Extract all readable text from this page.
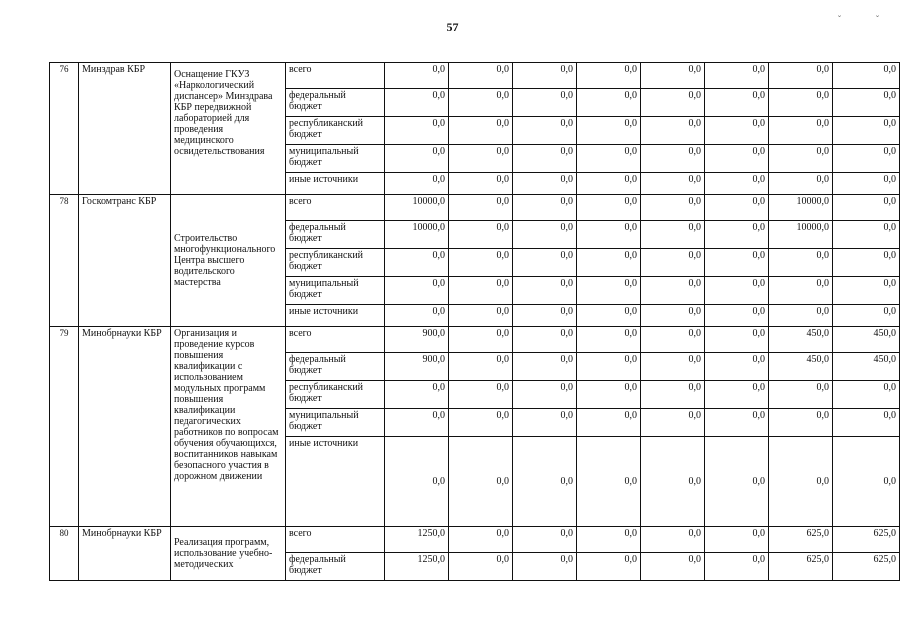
57
˘	˘
76	Минздрав КБР	Оснащение ГКУЗ «Наркологический диспансер» Минздрава КБР передвижной лабораторией для проведения медицинского освидетельствования	всего	0,0	0,0	0,0	0,0	0,0	0,0	0,0	0,0
			федеральный бюджет	0,0	0,0	0,0	0,0	0,0	0,0	0,0	0,0
			республиканский бюджет	0,0	0,0	0,0	0,0	0,0	0,0	0,0	0,0
			муниципальный бюджет	0,0	0,0	0,0	0,0	0,0	0,0	0,0	0,0
			иные источники	0,0	0,0	0,0	0,0	0,0	0,0	0,0	0,0
78	Госкомтранс КБР	Строительство многофункционального Центра высшего водительского мастерства	всего	10000,0	0,0	0,0	0,0	0,0	0,0	10000,0	0,0
			федеральный бюджет	10000,0	0,0	0,0	0,0	0,0	0,0	10000,0	0,0
			республиканский бюджет	0,0	0,0	0,0	0,0	0,0	0,0	0,0	0,0
			муниципальный бюджет	0,0	0,0	0,0	0,0	0,0	0,0	0,0	0,0
			иные источники	0,0	0,0	0,0	0,0	0,0	0,0	0,0	0,0
79	Минобрнауки КБР	Организация и проведение курсов повышения квалификации с использованием модульных программ повышения квалификации педагогических работников по вопросам обучения обучающихся, воспитанников навыкам безопасного участия в дорожном движении	всего	900,0	0,0	0,0	0,0	0,0	0,0	450,0	450,0
			федеральный бюджет	900,0	0,0	0,0	0,0	0,0	0,0	450,0	450,0
			республиканский бюджет	0,0	0,0	0,0	0,0	0,0	0,0	0,0	0,0
			муниципальный бюджет	0,0	0,0	0,0	0,0	0,0	0,0	0,0	0,0
			иные источники	0,0	0,0	0,0	0,0	0,0	0,0	0,0	0,0
80	Минобрнауки КБР	Реализация программ, использование учебно-методических	всего	1250,0	0,0	0,0	0,0	0,0	0,0	625,0	625,0
			федеральный бюджет	1250,0	0,0	0,0	0,0	0,0	0,0	625,0	625,0
